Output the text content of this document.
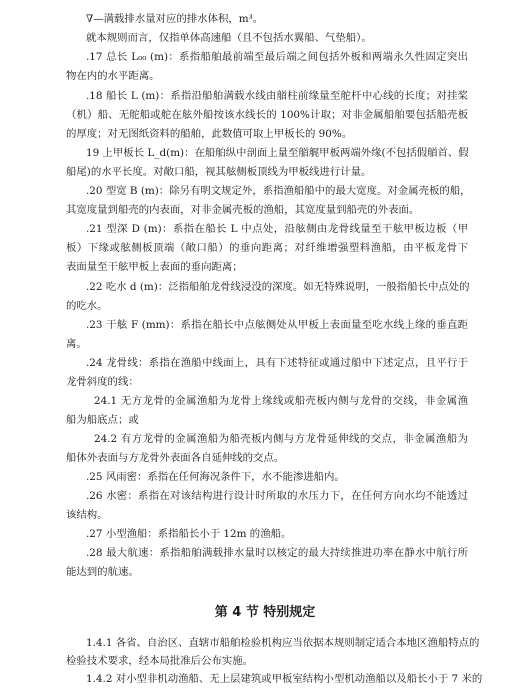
∇—满载排水量对应的排水体积，m³。
就本规则而言，仅指单体高速船（且不包括水翼船、气垫船）。
.17 总长 L₀₀ (m)：系指船舶最前端至最后端之间包括外板和两端永久性固定突出
物在内的水平距离。
.18 船长 L (m)：系指沿船舶满载水线由艏柱前缘量至舵杆中心线的长度；对挂桨
（机）船、无舵船或舵在舷外船按该水线长的 100%计取；对非金属船舶要包括船壳板
的厚度；对无图纸资料的船舶，此数值可取上甲板长的 90%。
19 上甲板长 L_d(m)：在船舶纵中剖面上量至艏艉甲板两端外缘(不包括假艏首、假
船尾)的水平长度。对敞口船，视其舷侧板顶线为甲板线进行计量。
.20 型宽 B (m)：除另有明文规定外，系指渔船船中的最大宽度。对金属壳板的船，
其宽度量到船壳的内表面，对非金属壳板的渔船，其宽度量到船壳的外表面。
.21 型深 D (m)：系指在船长 L 中点处，沿舷侧由龙骨线量至干舷甲板边板（甲
板）下缘或舷侧板顶端（敞口船）的垂向距离；对纤维增强塑料渔船，由平板龙骨下
表面量至干舷甲板上表面的垂向距离；
.22 吃水 d (m)：泛指船舶龙骨线浸没的深度。如无特殊说明，一般指船长中点处的
的吃水。
.23 干舷 F (mm)：系指在船长中点舷侧处从甲板上表面量至吃水线上缘的垂直距
离。
.24 龙骨线：系指在渔船中线面上，具有下述特征或通过船中下述定点，且平行于
龙骨斜度的线：
24.1 无方龙骨的金属渔船为龙骨上缘线或船壳板内侧与龙骨的交线，非金属渔
船为船底点；或
24.2 有方龙骨的金属渔船为船壳板内侧与方龙骨延伸线的交点，非金属渔船为
船体外表面与方龙骨外表面各自延伸线的交点。
.25 风雨密：系指在任何海况条件下，水不能渗进船内。
.26 水密：系指在对该结构进行设计时所取的水压力下，在任何方向水均不能透过
该结构。
.27 小型渔船：系指船长小于 12m 的渔船。
.28 最大航速：系指船舶满载排水量时以核定的最大持续推进功率在静水中航行所
能达到的航速。
第 4 节 特别规定
1.4.1 各省、自治区、直辖市船舶检验机构应当依据本规则制定适合本地区渔船特点的
检验技术要求，经本局批准后公布实施。
1.4.2 对小型非机动渔船、无上层建筑或甲板室结构小型机动渔船以及船长小于 7 米的
